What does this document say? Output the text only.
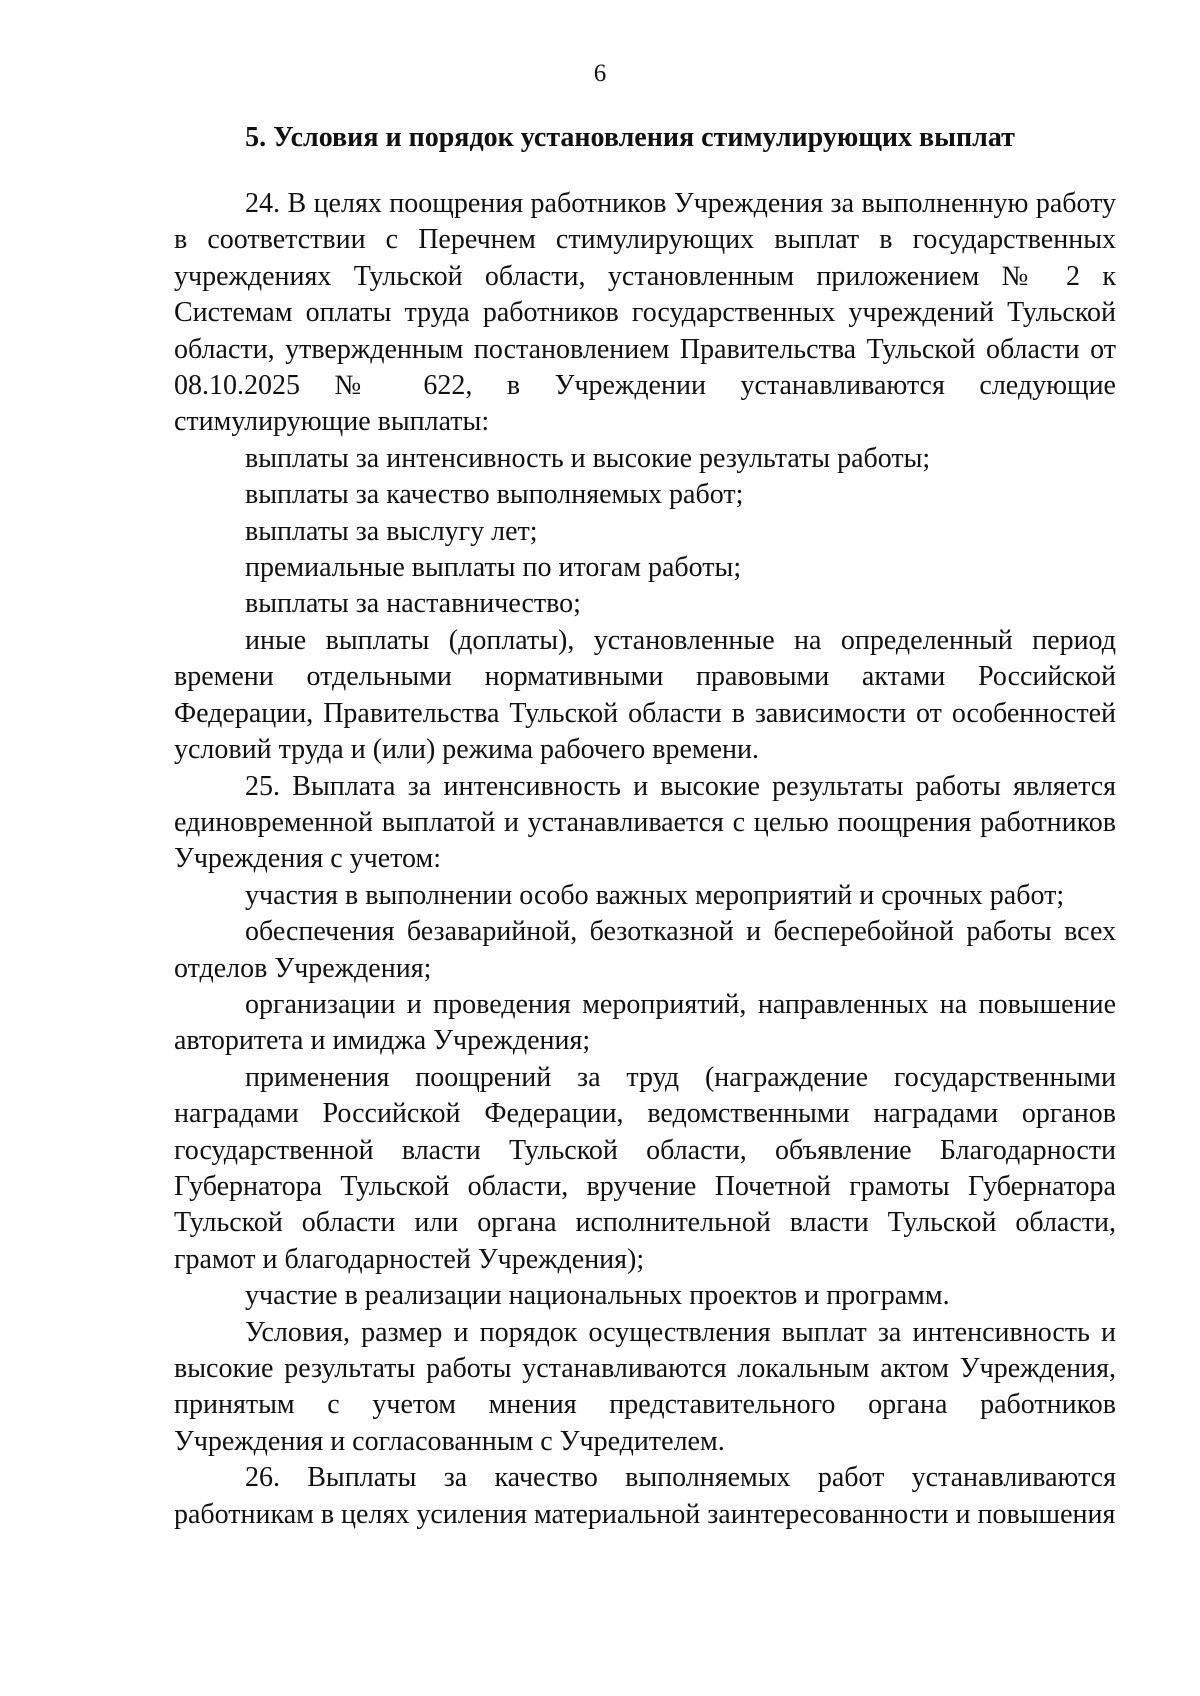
6
5. Условия и порядок установления стимулирующих выплат

24. В целях поощрения работников Учреждения за выполненную работу в соответствии с Перечнем стимулирующих выплат в государственных учреждениях Тульской области, установленным приложением № 2 к Системам оплаты труда работников государственных учреждений Тульской области, утвержденным постановлением Правительства Тульской области от 08.10.2025 № 622, в Учреждении устанавливаются следующие стимулирующие выплаты:

выплаты за интенсивность и высокие результаты работы;

выплаты за качество выполняемых работ;

выплаты за выслугу лет;

премиальные выплаты по итогам работы;

выплаты за наставничество;

иные выплаты (доплаты), установленные на определенный период времени отдельными нормативными правовыми актами Российской Федерации, Правительства Тульской области в зависимости от особенностей условий труда и (или) режима рабочего времени.

25. Выплата за интенсивность и высокие результаты работы является единовременной выплатой и устанавливается с целью поощрения работников Учреждения с учетом:

участия в выполнении особо важных мероприятий и срочных работ;

обеспечения безаварийной, безотказной и бесперебойной работы всех отделов Учреждения;

организации и проведения мероприятий, направленных на повышение авторитета и имиджа Учреждения;

применения поощрений за труд (награждение государственными наградами Российской Федерации, ведомственными наградами органов государственной власти Тульской области, объявление Благодарности Губернатора Тульской области, вручение Почетной грамоты Губернатора Тульской области или органа исполнительной власти Тульской области, грамот и благодарностей Учреждения);

участие в реализации национальных проектов и программ.

Условия, размер и порядок осуществления выплат за интенсивность и высокие результаты работы устанавливаются локальным актом Учреждения, принятым с учетом мнения представительного органа работников Учреждения и согласованным с Учредителем.

26. Выплаты за качество выполняемых работ устанавливаются работникам в целях усиления материальной заинтересованности и повышения
